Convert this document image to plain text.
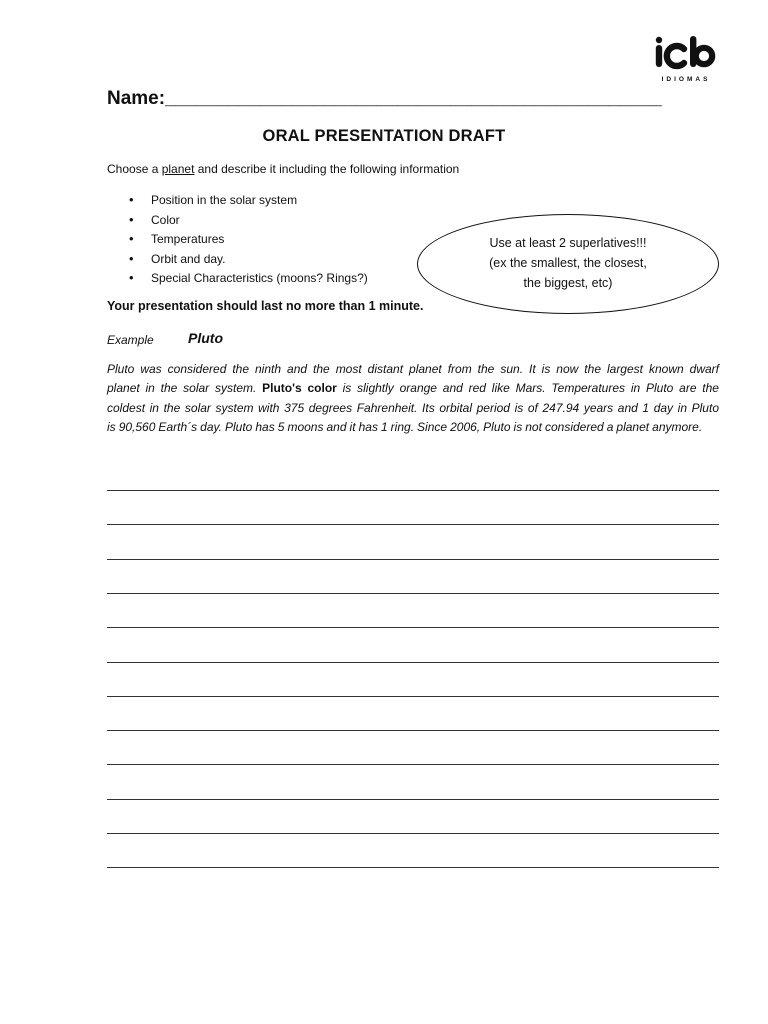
IDIOMAS
Name:_______________________________________________
ORAL PRESENTATION DRAFT
Choose a planet and describe it including the following information
• Position in the solar system
• Color
• Temperatures
• Orbit and day.
• Special Characteristics (moons? Rings?)
Use at least 2 superlatives!!!
(ex the smallest, the closest,
the biggest, etc)
Your presentation should last no more than 1 minute.
Example Pluto

Pluto was considered the ninth and the most distant planet from the sun. It is now the largest known dwarf

planet in the solar system. Pluto's color is slightly orange and red like Mars. Temperatures in Pluto are the

coldest in the solar system with 375 degrees Fahrenheit. Its orbital period is of 247.94 years and 1 day in Pluto

is 90,560 Earth´s day. Pluto has 5 moons and it has 1 ring. Since 2006, Pluto is not considered a planet anymore.
